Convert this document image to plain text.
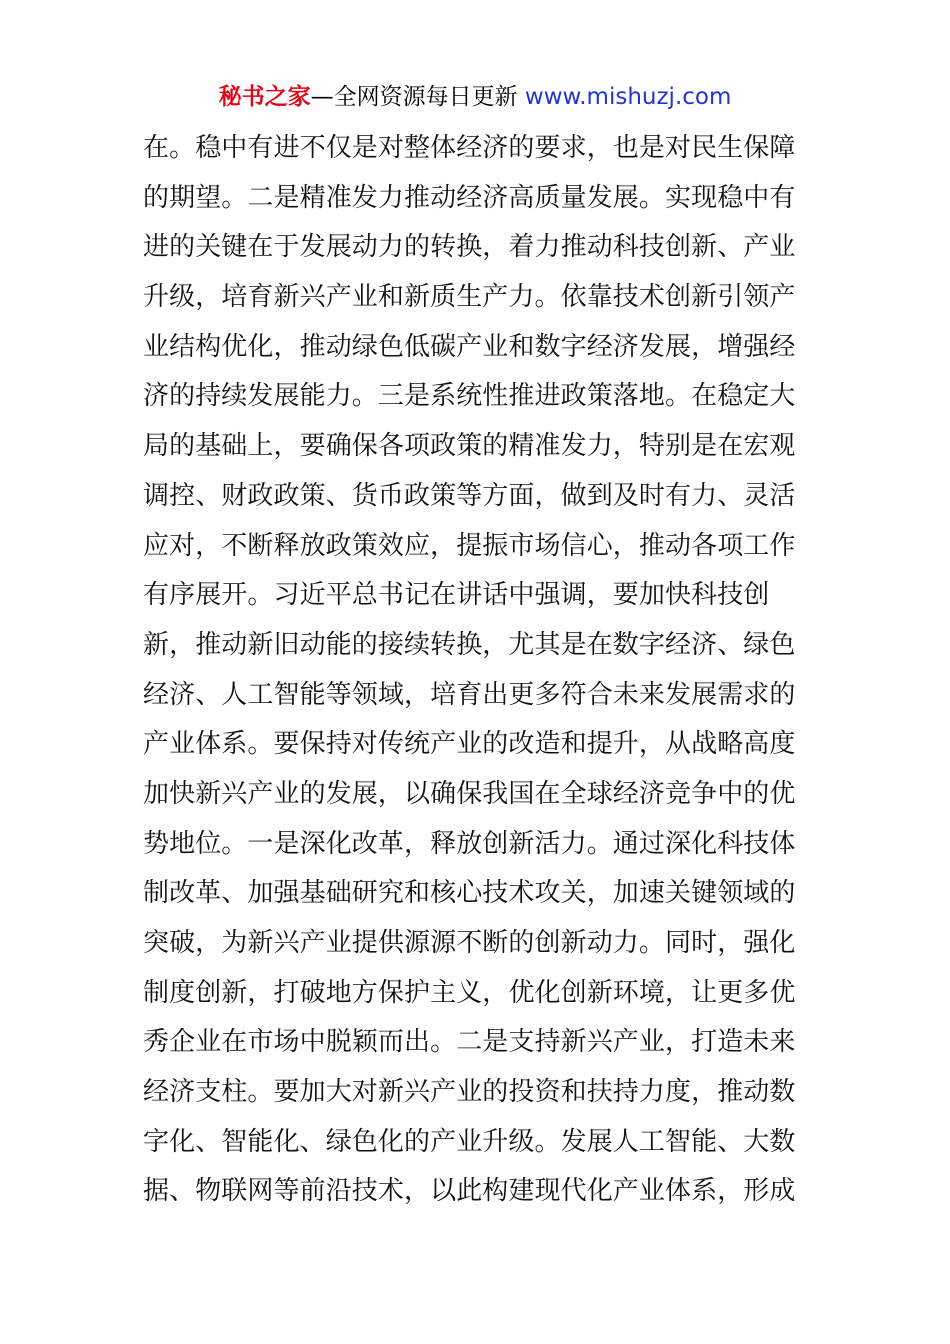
秘书之家—全网资源每日更新 www.mishuzj.com
在。稳中有进不仅是对整体经济的要求，也是对民生保障
的期望。二是精准发力推动经济高质量发展。实现稳中有
进的关键在于发展动力的转换，着力推动科技创新、产业
升级，培育新兴产业和新质生产力。依靠技术创新引领产
业结构优化，推动绿色低碳产业和数字经济发展，增强经
济的持续发展能力。三是系统性推进政策落地。在稳定大
局的基础上，要确保各项政策的精准发力，特别是在宏观
调控、财政政策、货币政策等方面，做到及时有力、灵活
应对，不断释放政策效应，提振市场信心，推动各项工作
有序展开。习近平总书记在讲话中强调，要加快科技创
新，推动新旧动能的接续转换，尤其是在数字经济、绿色
经济、人工智能等领域，培育出更多符合未来发展需求的
产业体系。要保持对传统产业的改造和提升，从战略高度
加快新兴产业的发展，以确保我国在全球经济竞争中的优
势地位。一是深化改革，释放创新活力。通过深化科技体
制改革、加强基础研究和核心技术攻关，加速关键领域的
突破，为新兴产业提供源源不断的创新动力。同时，强化
制度创新，打破地方保护主义，优化创新环境，让更多优
秀企业在市场中脱颖而出。二是支持新兴产业，打造未来
经济支柱。要加大对新兴产业的投资和扶持力度，推动数
字化、智能化、绿色化的产业升级。发展人工智能、大数
据、物联网等前沿技术，以此构建现代化产业体系，形成
